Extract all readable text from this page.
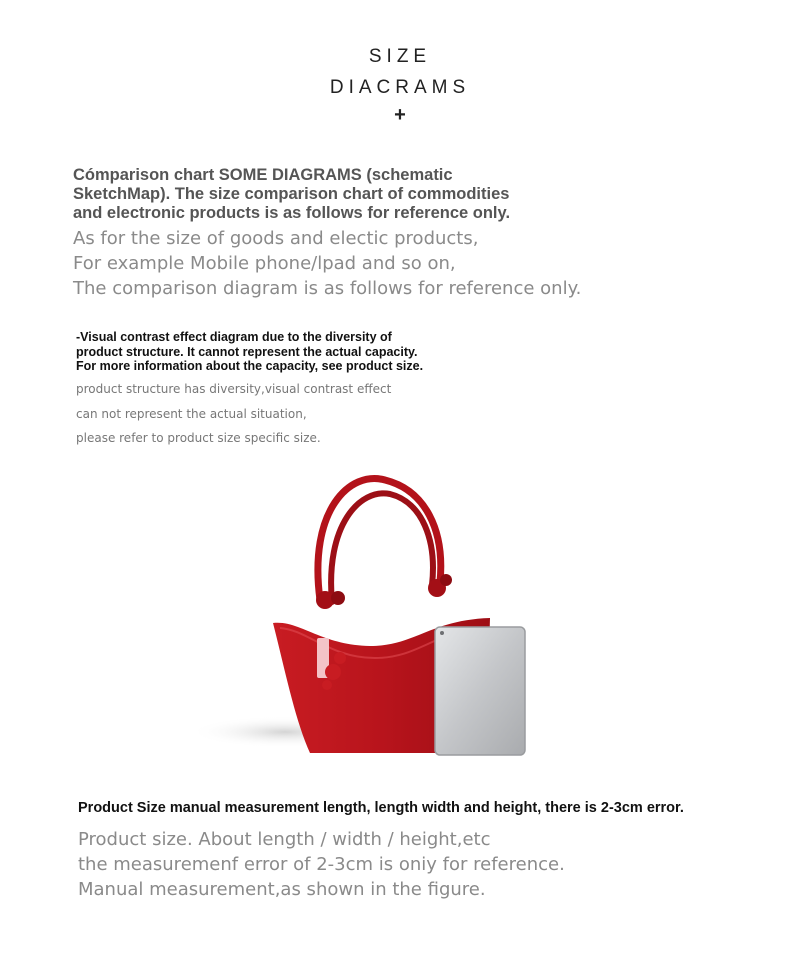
SIZE
DIACRAMS
+
Cómparison chart SOME DIAGRAMS (schematic
SketchMap). The size comparison chart of commodities
and electronic products is as follows for reference only.
As for the size of goods and electic products,
For example Mobile phone/lpad and so on,
The comparison diagram is as follows for reference only.
-Visual contrast effect diagram due to the diversity of
product structure. It cannot represent the actual capacity.
For more information about the capacity, see product size.
product structure has diversity,visual contrast effect
can not represent the actual situation,
please refer to product size specific size.
Product Size manual measurement length, length width and height, there is 2-3cm error.
Product size. About length / width / height,etc
the measuremenf error of 2-3cm is oniy for reference.
Manual measurement,as shown in the figure.
